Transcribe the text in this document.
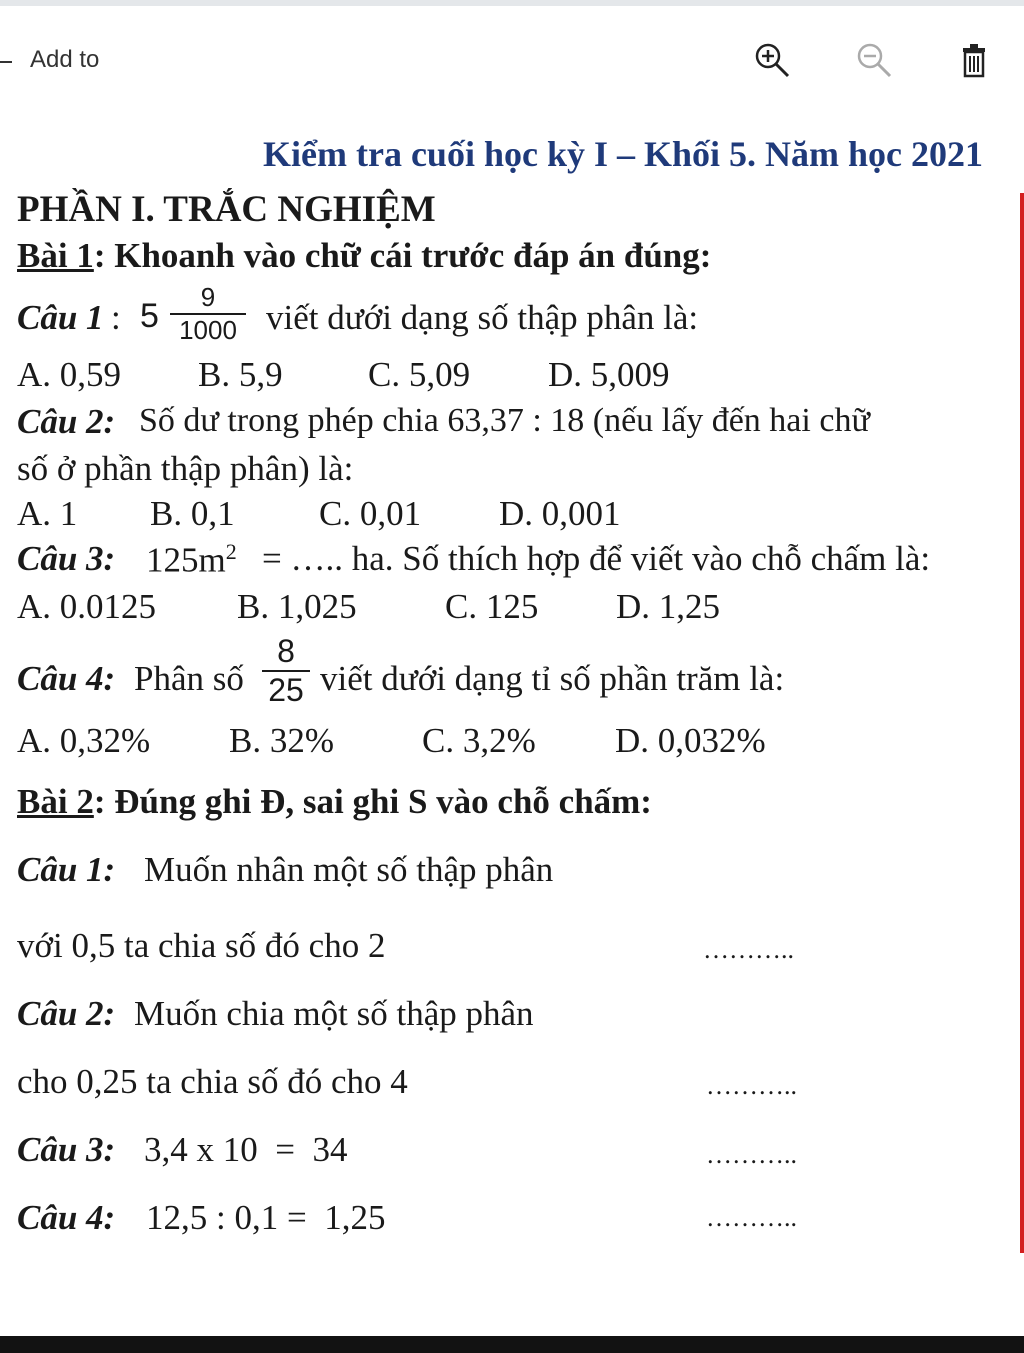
Add to
Kiểm tra cuối học kỳ I – Khối 5. Năm học 2021
PHẦN I. TRẮC NGHIỆM
Bài 1: Khoanh vào chữ cái trước đáp án đúng:
Câu 1 : 5	9
1000 viết dưới dạng số thập phân là:
A. 0,59 B. 5,9 C. 5,09 D. 5,009
Câu 2: Số dư trong phép chia 63,37 : 18 (nếu lấy đến hai chữ
số ở phần thập phân) là:
A. 1 B. 0,1 C. 0,01 D. 0,001
Câu 3: $125m^2$ = ….. ha. Số thích hợp để viết vào chỗ chấm là:
A. 0.0125 B. 1,025	C. 125 D. 1,25
Câu 4: Phân số
8
25 viết dưới dạng tỉ số phần trăm là:
A. 0,32% B. 32%	C. 3,2% D. 0,032%
Bài 2: Đúng ghi Đ, sai ghi S vào chỗ chấm:
Câu 1: Muốn nhân một số thập phân
với 0,5 ta chia số đó cho 2	………..
Câu 2: Muốn chia một số thập phân
cho 0,25 ta chia số đó cho 4	………..
Câu 3: 3,4 x 10  =  34	………..
Câu 4: 12,5 : 0,1 =  1,25	………..
